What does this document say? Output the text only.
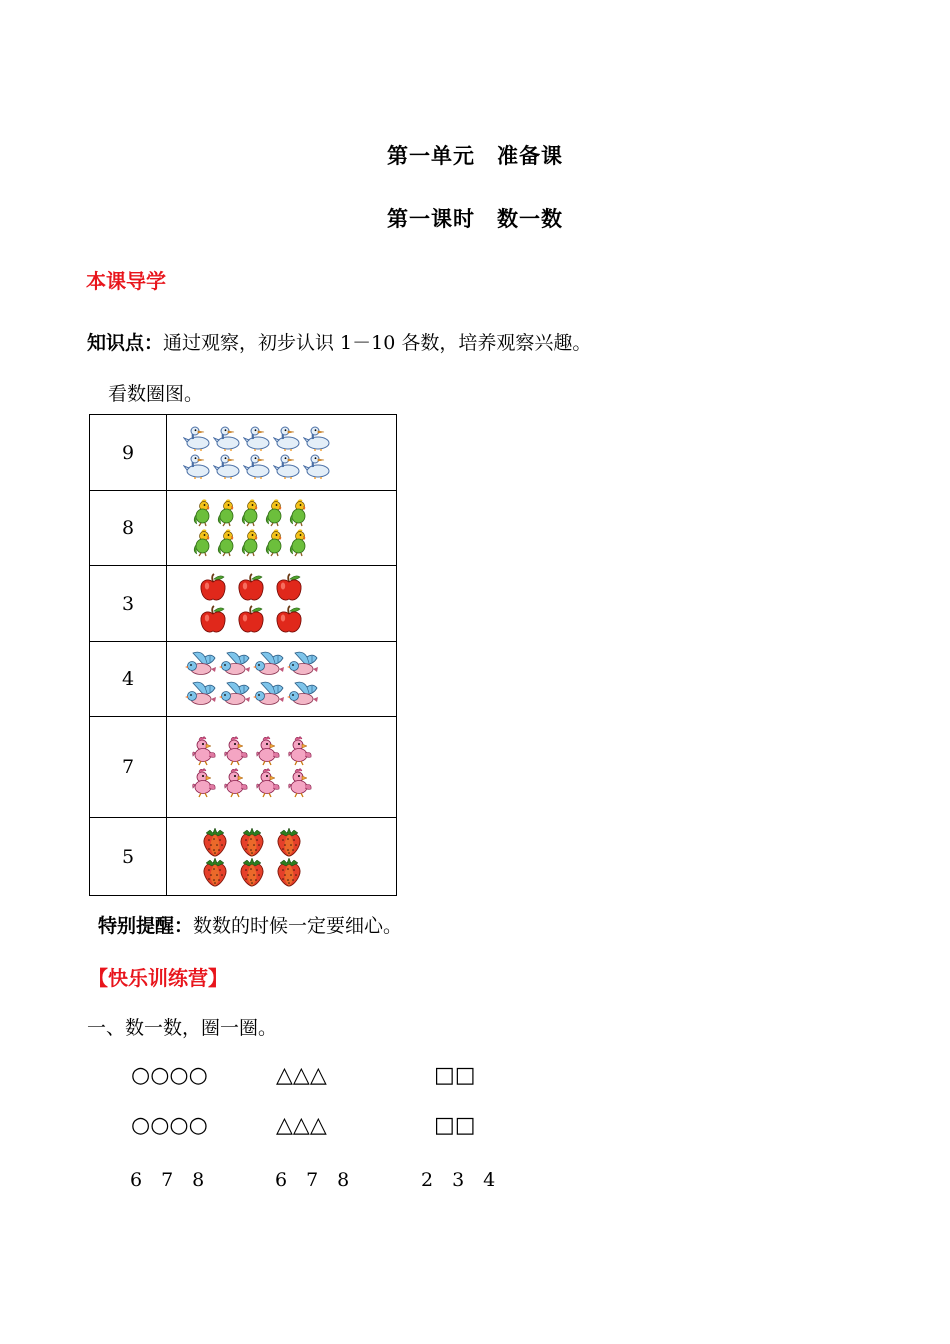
第一单元　准备课
第一课时　数一数
本课导学
知识点：通过观察，初步认识 1－10 各数，培养观察兴趣。
看数圈图。
9	

8	

3	

4	

7	

5	
特别提醒：数数的时候一定要细心。
【快乐训练营】
一、数一数，圈一圈。
○○○○	△△△	□□
○○○○	△△△	□□
6　7　8	6　7　8	2　3　4
